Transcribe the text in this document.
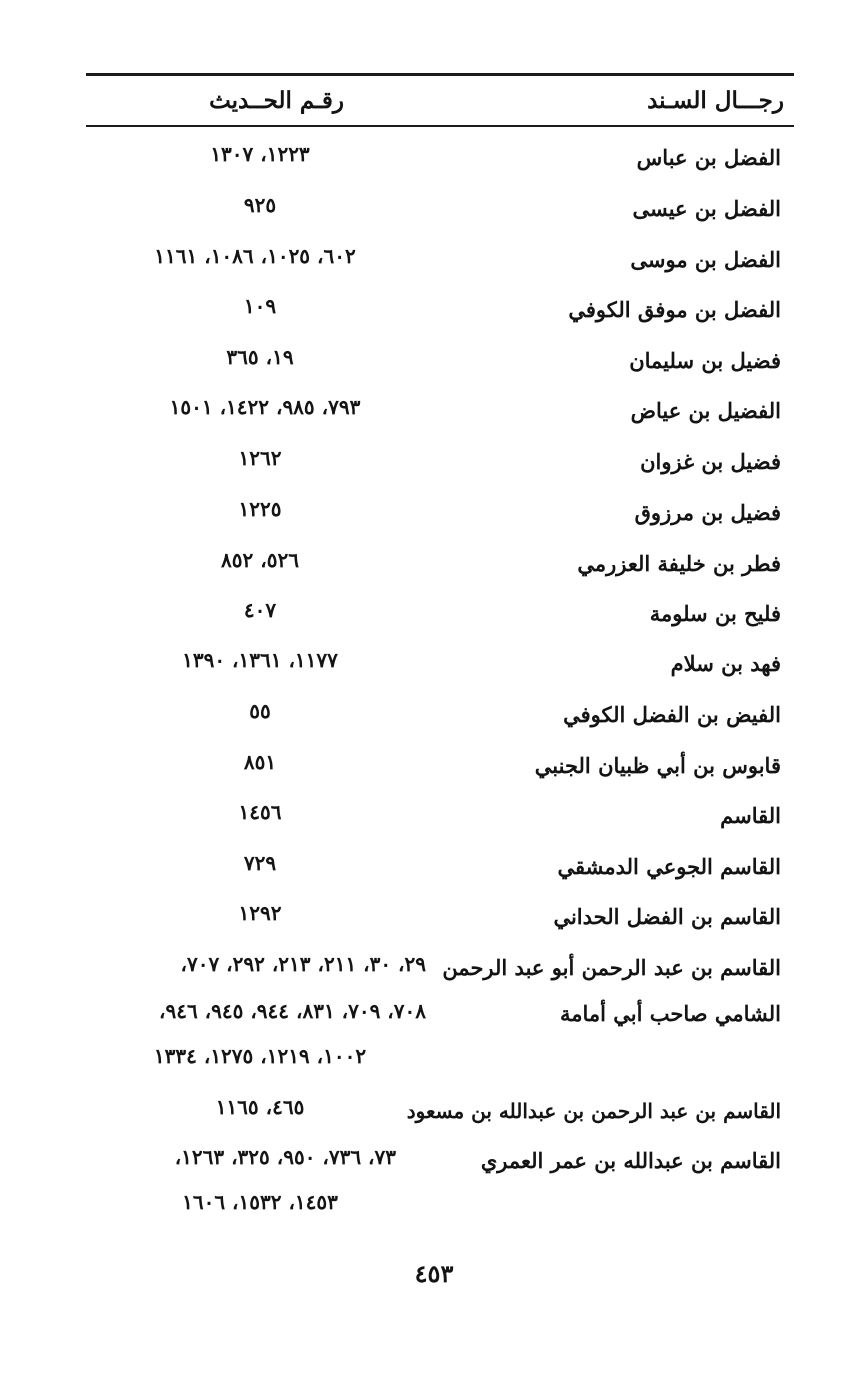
رجـــال السـند
رقـم الحــديث
الفضل بن عباس
١٢٢٣، ١٣٠٧
الفضل بن عيسى
٩٢٥
الفضل بن موسى
٦٠٢، ١٠٢٥، ١٠٨٦، ١١٦١
الفضل بن موفق الكوفي
١٠٩
فضيل بن سليمان
١٩، ٣٦٥
الفضيل بن عياض
٧٩٣، ٩٨٥، ١٤٢٢، ١٥٠١
فضيل بن غزوان
١٢٦٢
فضيل بن مرزوق
١٢٢٥
فطر بن خليفة العزرمي
٥٢٦، ٨٥٢
فليح بن سلومة
٤٠٧
فهد بن سلام
١١٧٧، ١٣٦١، ١٣٩٠
الفيض بن الفضل الكوفي
٥٥
قابوس بن أبي ظبيان الجنبي
٨٥١
القاسم
١٤٥٦
القاسم الجوعي الدمشقي
٧٢٩
القاسم بن الفضل الحداني
١٢٩٢
القاسم بن عبد الرحمن أبو عبد الرحمن
٢٩، ٣٠، ٢١١، ٢١٣، ٢٩٢، ٧٠٧،
الشامي صاحب أبي أمامة
٧٠٨، ٧٠٩، ٨٣١، ٩٤٤، ٩٤٥، ٩٤٦،
١٠٠٢، ١٢١٩، ١٢٧٥، ١٣٣٤
القاسم بن عبد الرحمن بن عبدالله بن مسعود
٤٦٥، ١١٦٥
القاسم بن عبدالله بن عمر العمري
٧٣، ٧٣٦، ٩٥٠، ٣٢٥، ١٢٦٣،
١٤٥٣، ١٥٣٢، ١٦٠٦
٤٥٣
